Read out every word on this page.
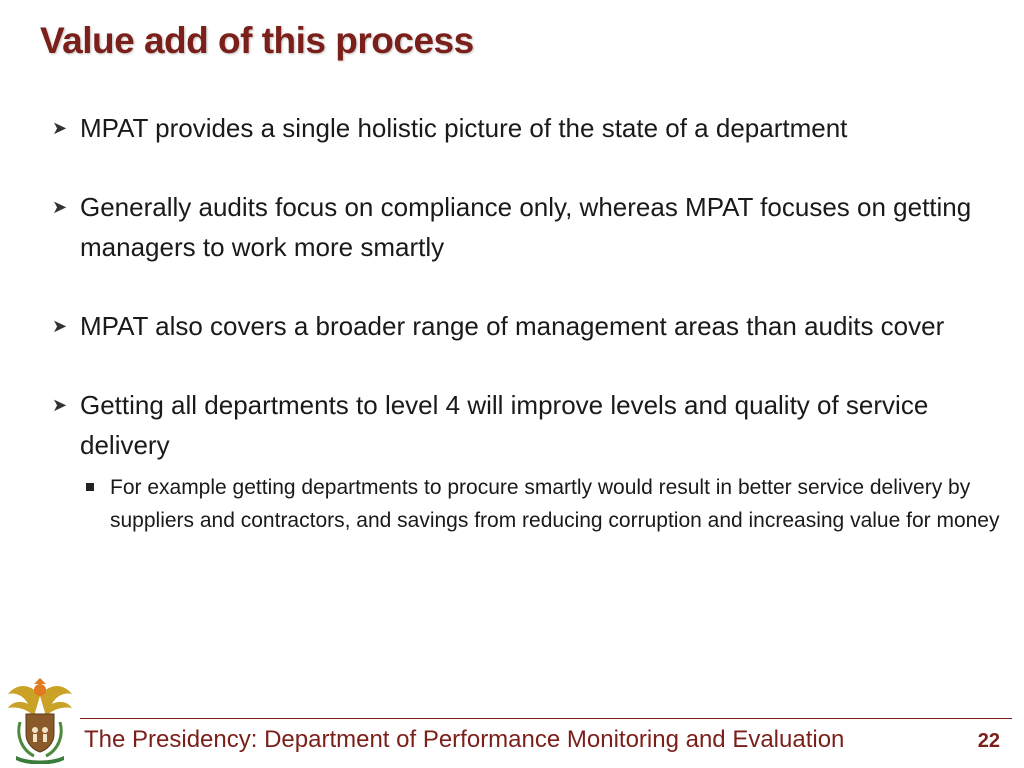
Value add of this process
➤ MPAT provides a single holistic picture of the state of a department
➤ Generally audits focus on compliance only, whereas MPAT focuses on getting managers to work more smartly
➤ MPAT also covers a broader range of management areas than audits cover
➤ Getting all departments to level 4 will improve levels and quality of service delivery
For example getting departments to procure smartly would result in better service delivery by suppliers and contractors, and savings from reducing corruption and increasing value for money
The Presidency: Department of Performance Monitoring and Evaluation	22
